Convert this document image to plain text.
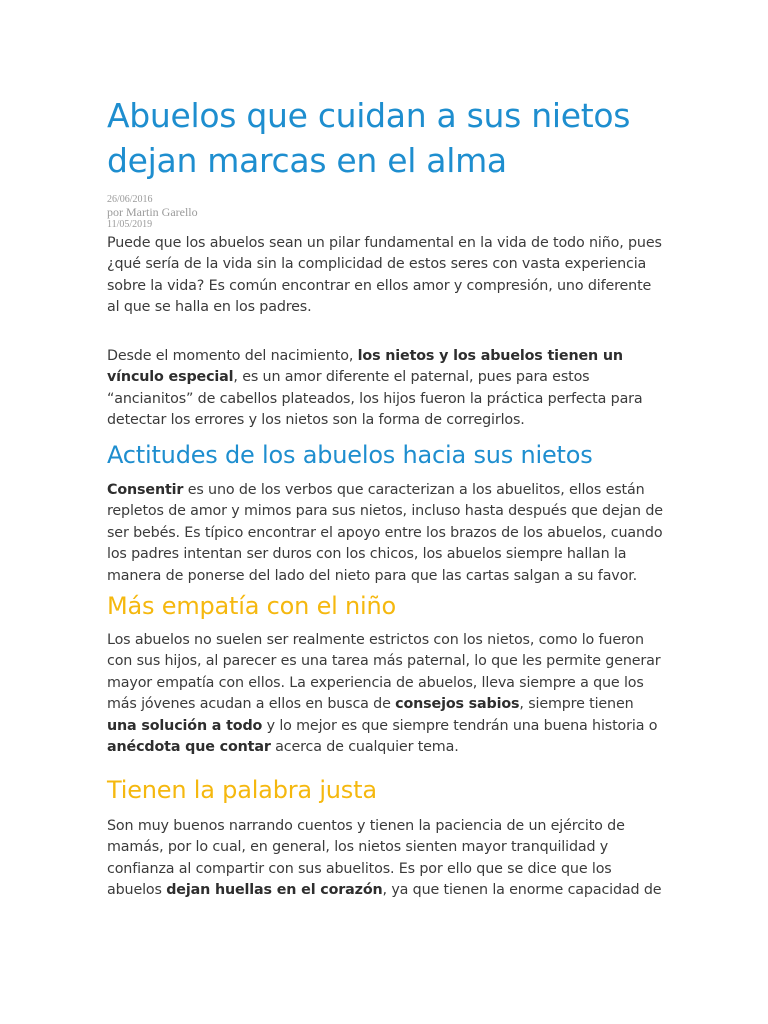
Abuelos que cuidan a sus nietos dejan marcas en el alma
26/06/2016
por Martin Garello
11/05/2019

Puede que los abuelos sean un pilar fundamental en la vida de todo niño, pues ¿qué sería de la vida sin la complicidad de estos seres con vasta experiencia sobre la vida? Es común encontrar en ellos amor y compresión, uno diferente al que se halla en los padres.

Desde el momento del nacimiento, los nietos y los abuelos tienen un vínculo especial, es un amor diferente el paternal, pues para estos “ancianitos” de cabellos plateados, los hijos fueron la práctica perfecta para detectar los errores y los nietos son la forma de corregirlos.

Actitudes de los abuelos hacia sus nietos

Consentir es uno de los verbos que caracterizan a los abuelitos, ellos están repletos de amor y mimos para sus nietos, incluso hasta después que dejan de ser bebés. Es típico encontrar el apoyo entre los brazos de los abuelos, cuando los padres intentan ser duros con los chicos, los abuelos siempre hallan la manera de ponerse del lado del nieto para que las cartas salgan a su favor.

Más empatía con el niño

Los abuelos no suelen ser realmente estrictos con los nietos, como lo fueron con sus hijos, al parecer es una tarea más paternal, lo que les permite generar mayor empatía con ellos. La experiencia de abuelos, lleva siempre a que los más jóvenes acudan a ellos en busca de consejos sabios, siempre tienen una solución a todo y lo mejor es que siempre tendrán una buena historia o anécdota que contar acerca de cualquier tema.

Tienen la palabra justa

Son muy buenos narrando cuentos y tienen la paciencia de un ejército de mamás, por lo cual, en general, los nietos sienten mayor tranquilidad y confianza al compartir con sus abuelitos. Es por ello que se dice que los abuelos dejan huellas en el corazón, ya que tienen la enorme capacidad de
